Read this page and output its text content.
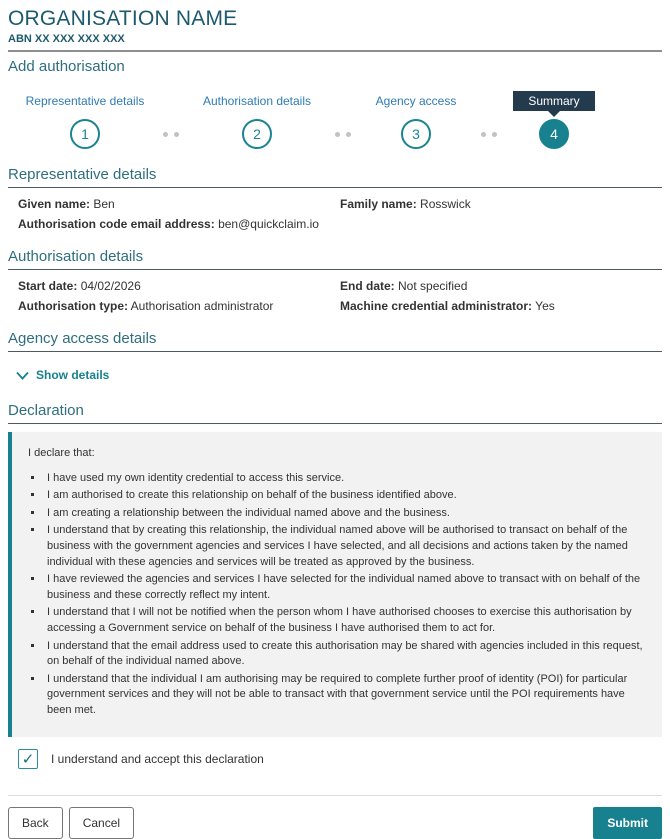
ORGANISATION NAME
ABN XX XXX XXX XXX
Add authorisation
Representative details
1
Authorisation details
2
Agency access
3
Summary
4
Representative details
Given name: Ben	Family name: Rosswick
Authorisation code email address: ben@quickclaim.io
Authorisation details
Start date: 04/02/2026	End date: Not specified
Authorisation type: Authorisation administrator	Machine credential administrator: Yes
Agency access details
Show details
Declaration

I declare that:

▪ I have used my own identity credential to access this service.
▪ I am authorised to create this relationship on behalf of the business identified above.
▪ I am creating a relationship between the individual named above and the business.
▪ I understand that by creating this relationship, the individual named above will be authorised to transact on behalf of the business with the government agencies and services I have selected, and all decisions and actions taken by the named individual with these agencies and services will be treated as approved by the business.
▪ I have reviewed the agencies and services I have selected for the individual named above to transact with on behalf of the business and these correctly reflect my intent.
▪ I understand that I will not be notified when the person whom I have authorised chooses to exercise this authorisation by accessing a Government service on behalf of the business I have authorised them to act for.
▪ I understand that the email address used to create this authorisation may be shared with agencies included in this request, on behalf of the individual named above.
▪ I understand that the individual I am authorising may be required to complete further proof of identity (POI) for particular government services and they will not be able to transact with that government service until the POI requirements have been met.
✓ I understand and accept this declaration
Back	Cancel	Submit
